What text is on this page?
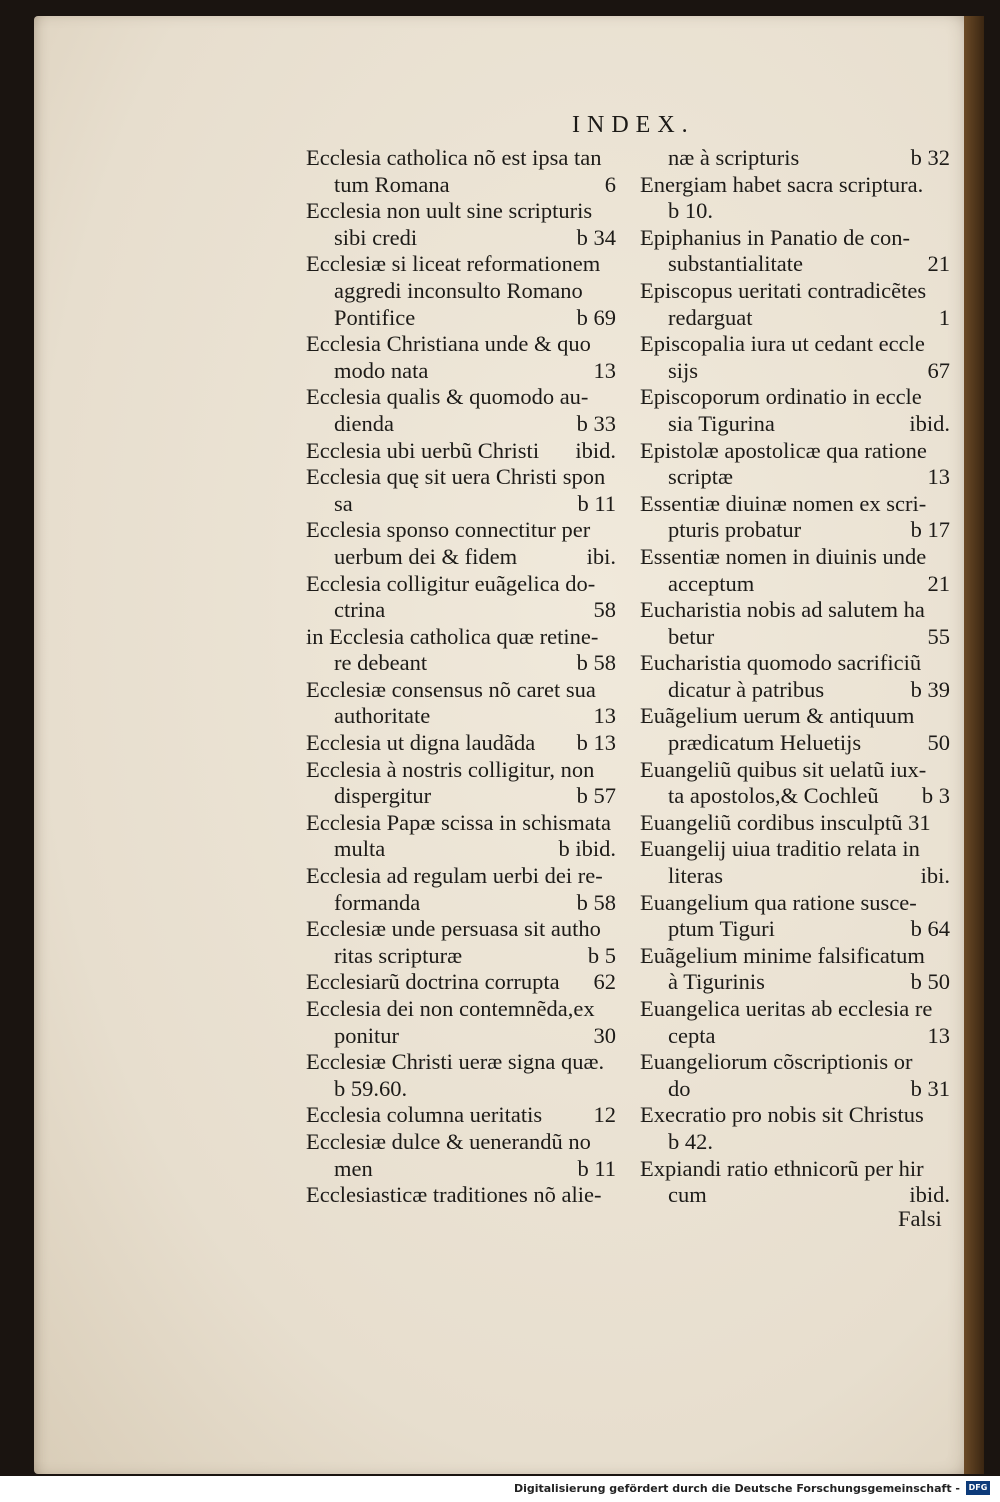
INDEX.
Ecclesia catholica nõ est ipsa tan
tum Romana	6
Ecclesia non uult sine scripturis
sibi credi	b 34
Ecclesiæ si liceat reformationem
aggredi inconsulto Romano
Pontifice	b 69
Ecclesia Christiana unde & quo
modo nata	13
Ecclesia qualis & quomodo au-
dienda	b 33
Ecclesia ubi uerbũ Christi ibid.
Ecclesia quę sit uera Christi spon
sa	b 11
Ecclesia sponso connectitur per
uerbum dei & fidem	ibi.
Ecclesia colligitur euãgelica do-
ctrina	58
in Ecclesia catholica quæ retine-
re debeant	b 58
Ecclesiæ consensus nõ caret sua
authoritate	13
Ecclesia ut digna laudãda b 13
Ecclesia à nostris colligitur, non
dispergitur	b 57
Ecclesia Papæ scissa in schismata
multa	b ibid.
Ecclesia ad regulam uerbi dei re-
formanda	b 58
Ecclesiæ unde persuasa sit autho
ritas scripturæ	b 5
Ecclesiarũ doctrina corrupta 62
Ecclesia dei non contemnẽda,ex
ponitur	30
Ecclesiæ Christi ueræ signa quæ.
b 59.60.
Ecclesia columna ueritatis 12
Ecclesiæ dulce & uenerandũ no
men	b 11
Ecclesiasticæ traditiones nõ alie-
næ à scripturis	b 32
Energiam habet sacra scriptura.
b 10.
Epiphanius in Panatio de con-
substantialitate	21
Episcopus ueritati contradicẽtes
redarguat	1
Episcopalia iura ut cedant eccle
sijs	67
Episcoporum ordinatio in eccle
sia Tigurina	ibid.
Epistolæ apostolicæ qua ratione
scriptæ	13
Essentiæ diuinæ nomen ex scri-
pturis probatur	b 17
Essentiæ nomen in diuinis unde
acceptum	21
Eucharistia nobis ad salutem ha
betur	55
Eucharistia quomodo sacrificiũ
dicatur à patribus	b 39
Euãgelium uerum & antiquum
prædicatum Heluetijs	50
Euangeliũ quibus sit uelatũ iux-
ta apostolos,& Cochleũ b 3
Euangeliũ cordibus insculptũ 31
Euangelij uiua traditio relata in
literas	ibi.
Euangelium qua ratione susce-
ptum Tiguri	b 64
Euãgelium minime falsificatum
à Tigurinis	b 50
Euangelica ueritas ab ecclesia re
cepta	13
Euangeliorum cõscriptionis or
do	b 31
Execratio pro nobis sit Christus
b 42.
Expiandi ratio ethnicorũ per hir
cum	ibid.
Falsi
Digitalisierung gefördert durch die Deutsche Forschungsgemeinschaft -	DFG
